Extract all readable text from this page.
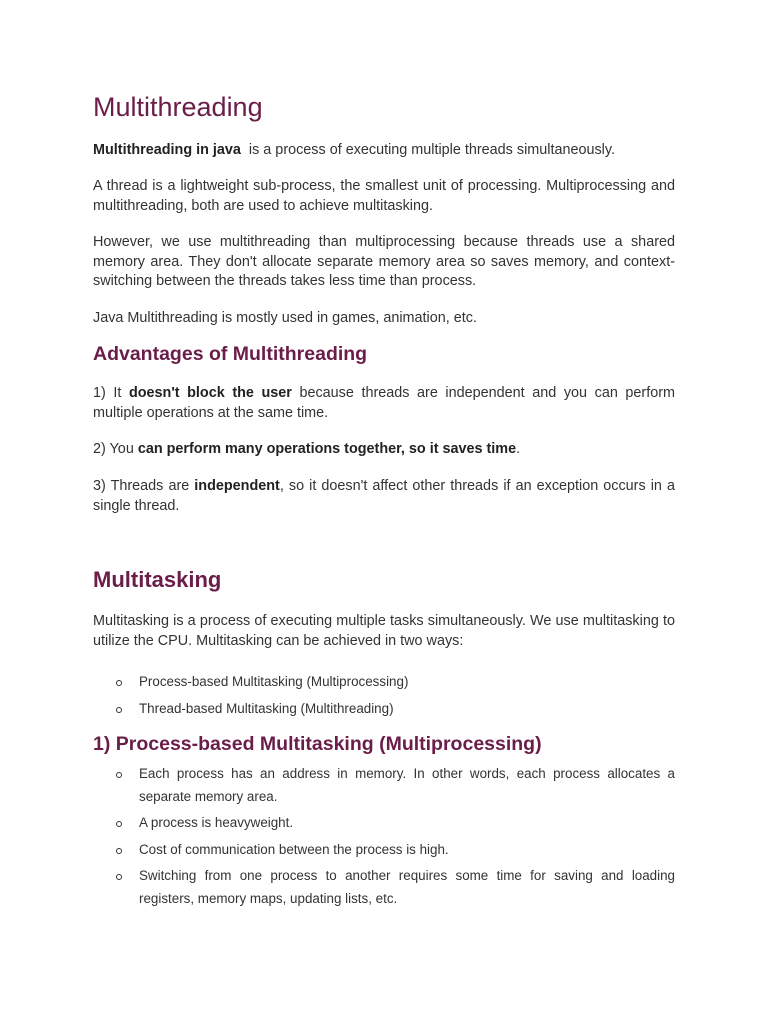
Multithreading

Multithreading in java  is a process of executing multiple threads simultaneously.

A thread is a lightweight sub-process, the smallest unit of processing. Multiprocessing and multithreading, both are used to achieve multitasking.

However, we use multithreading than multiprocessing because threads use a shared memory area. They don't allocate separate memory area so saves memory, and context-switching between the threads takes less time than process.

Java Multithreading is mostly used in games, animation, etc.

Advantages of Multithreading

1) It doesn't block the user because threads are independent and you can perform multiple operations at the same time.

2) You can perform many operations together, so it saves time.

3) Threads are independent, so it doesn't affect other threads if an exception occurs in a single thread.

Multitasking

Multitasking is a process of executing multiple tasks simultaneously. We use multitasking to utilize the CPU. Multitasking can be achieved in two ways:

Process-based Multitasking (Multiprocessing)
Thread-based Multitasking (Multithreading)
1) Process-based Multitasking (Multiprocessing)
Each process has an address in memory. In other words, each process allocates a separate memory area.
A process is heavyweight.
Cost of communication between the process is high.
Switching from one process to another requires some time for saving and loading registers, memory maps, updating lists, etc.
